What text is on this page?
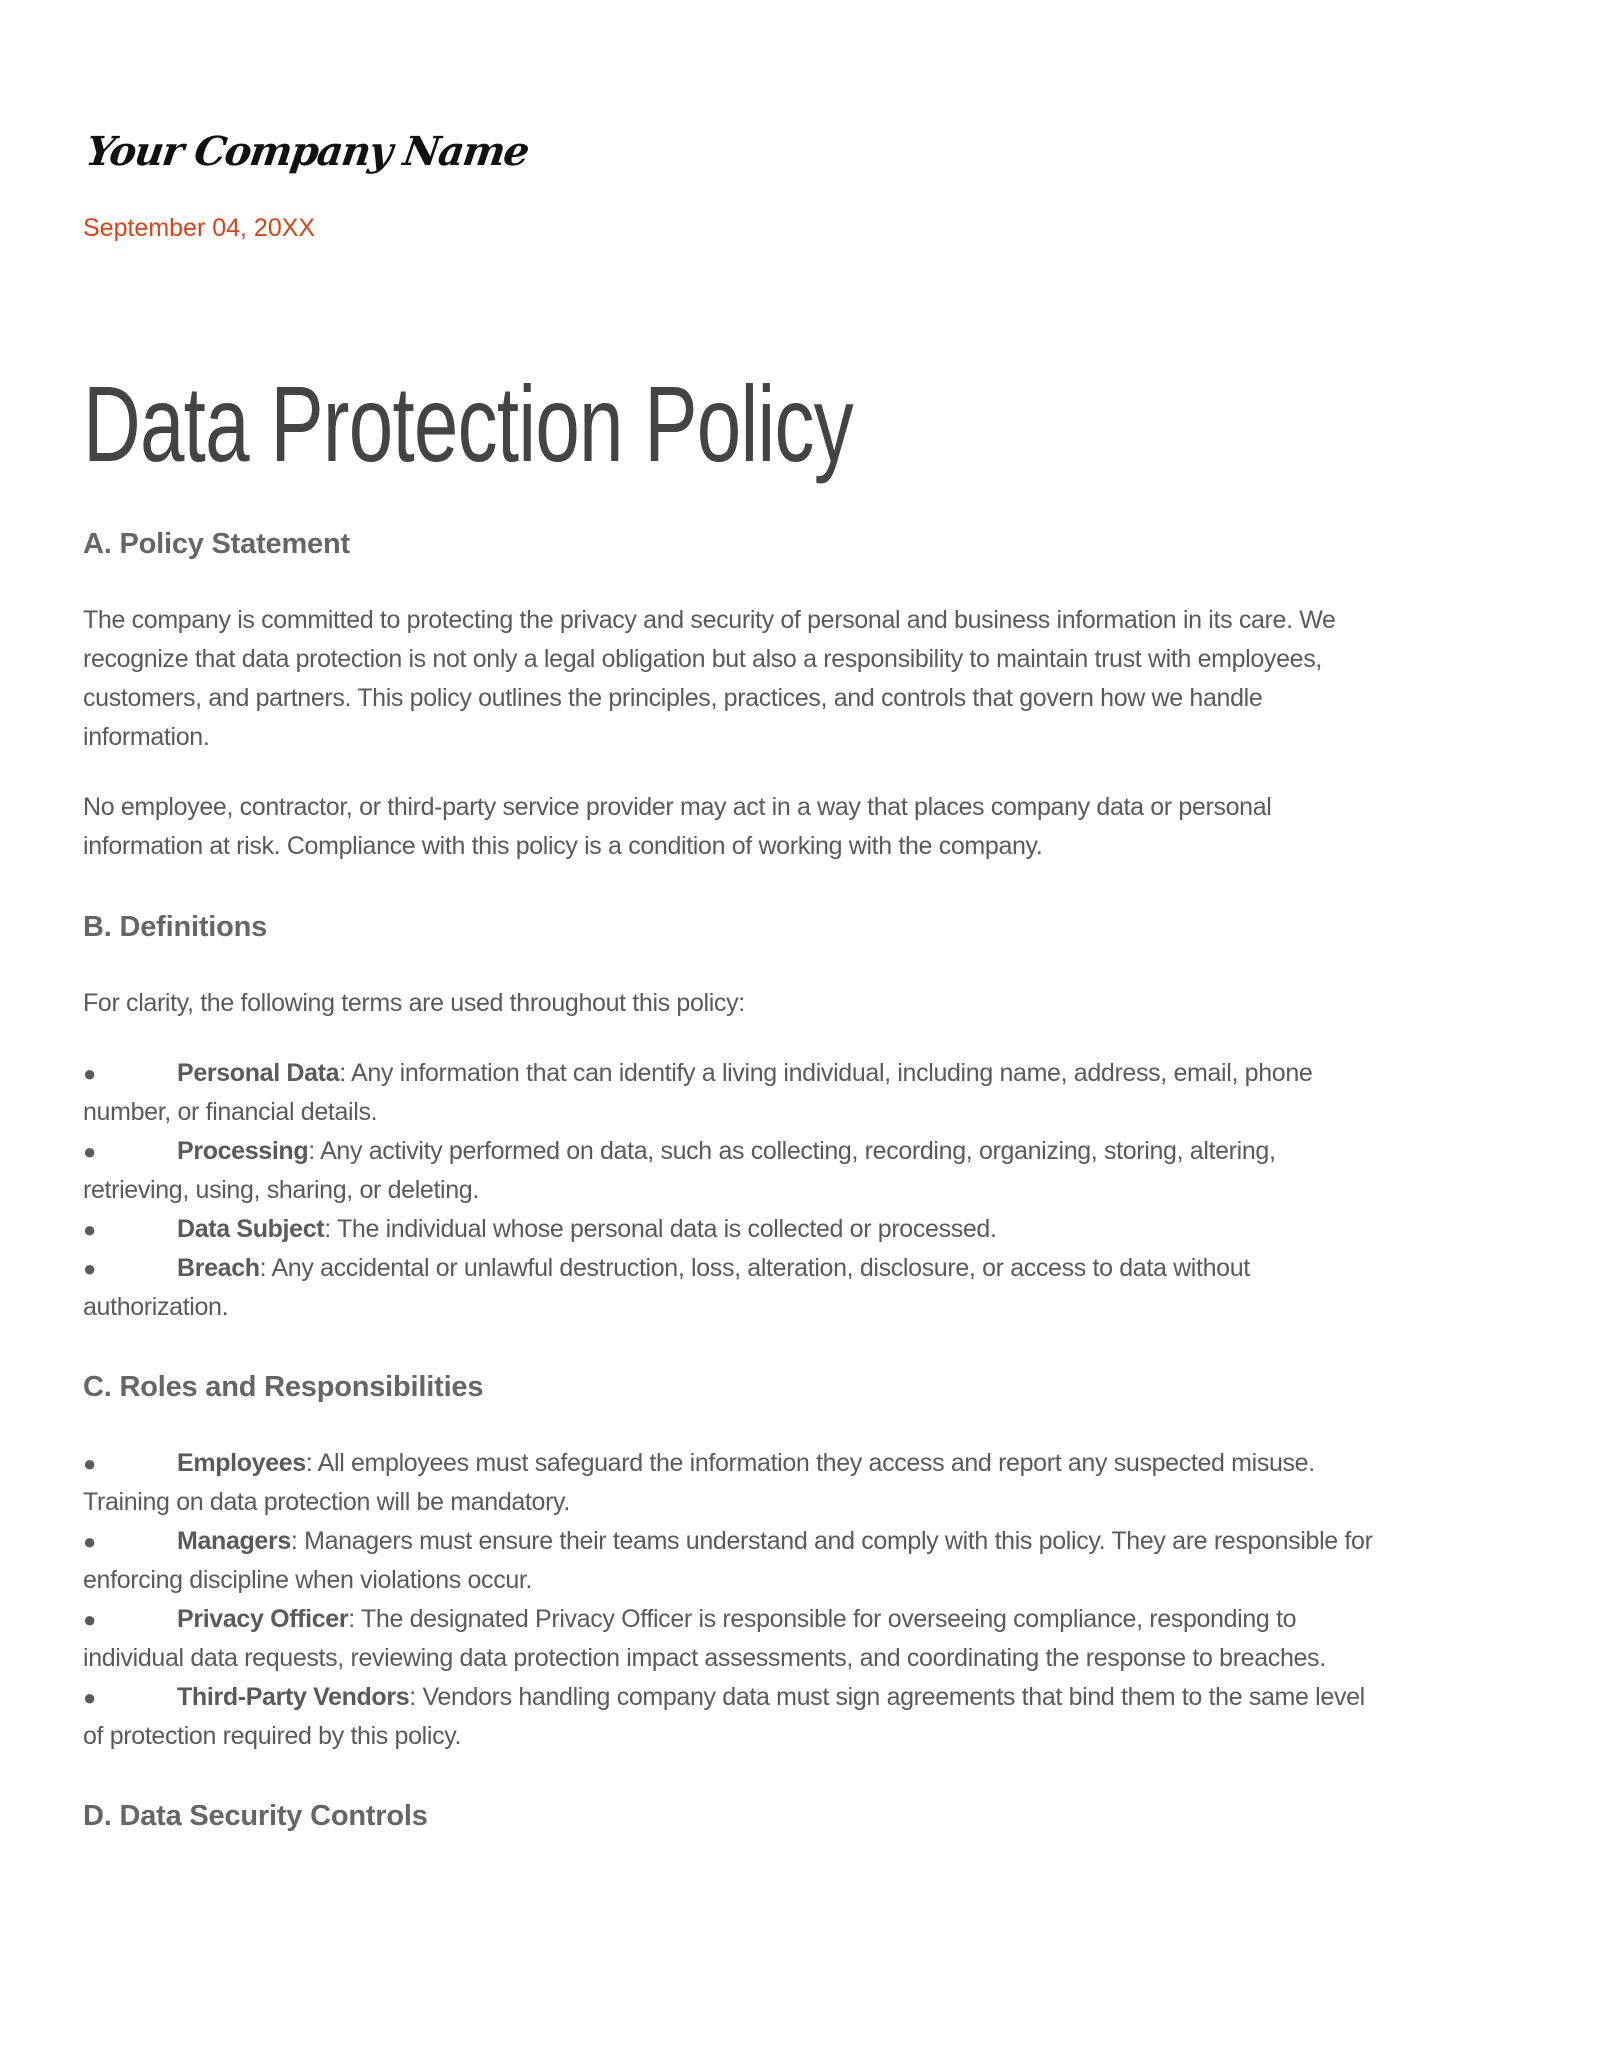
Your Company Name
September 04, 20XX
Data Protection Policy
A. Policy Statement
The company is committed to protecting the privacy and security of personal and business information in its care. We
recognize that data protection is not only a legal obligation but also a responsibility to maintain trust with employees,
customers, and partners. This policy outlines the principles, practices, and controls that govern how we handle
information.
No employee, contractor, or third-party service provider may act in a way that places company data or personal
information at risk. Compliance with this policy is a condition of working with the company.
B. Definitions
For clarity, the following terms are used throughout this policy:
●	Personal Data: Any information that can identify a living individual, including name, address, email, phone
number, or financial details.
●	Processing: Any activity performed on data, such as collecting, recording, organizing, storing, altering,
retrieving, using, sharing, or deleting.
●	Data Subject: The individual whose personal data is collected or processed.
●	Breach: Any accidental or unlawful destruction, loss, alteration, disclosure, or access to data without
authorization.
C. Roles and Responsibilities
●	Employees: All employees must safeguard the information they access and report any suspected misuse.
Training on data protection will be mandatory.
●	Managers: Managers must ensure their teams understand and comply with this policy. They are responsible for
enforcing discipline when violations occur.
●	Privacy Officer: The designated Privacy Officer is responsible for overseeing compliance, responding to
individual data requests, reviewing data protection impact assessments, and coordinating the response to breaches.
●	Third-Party Vendors: Vendors handling company data must sign agreements that bind them to the same level
of protection required by this policy.
D. Data Security Controls
